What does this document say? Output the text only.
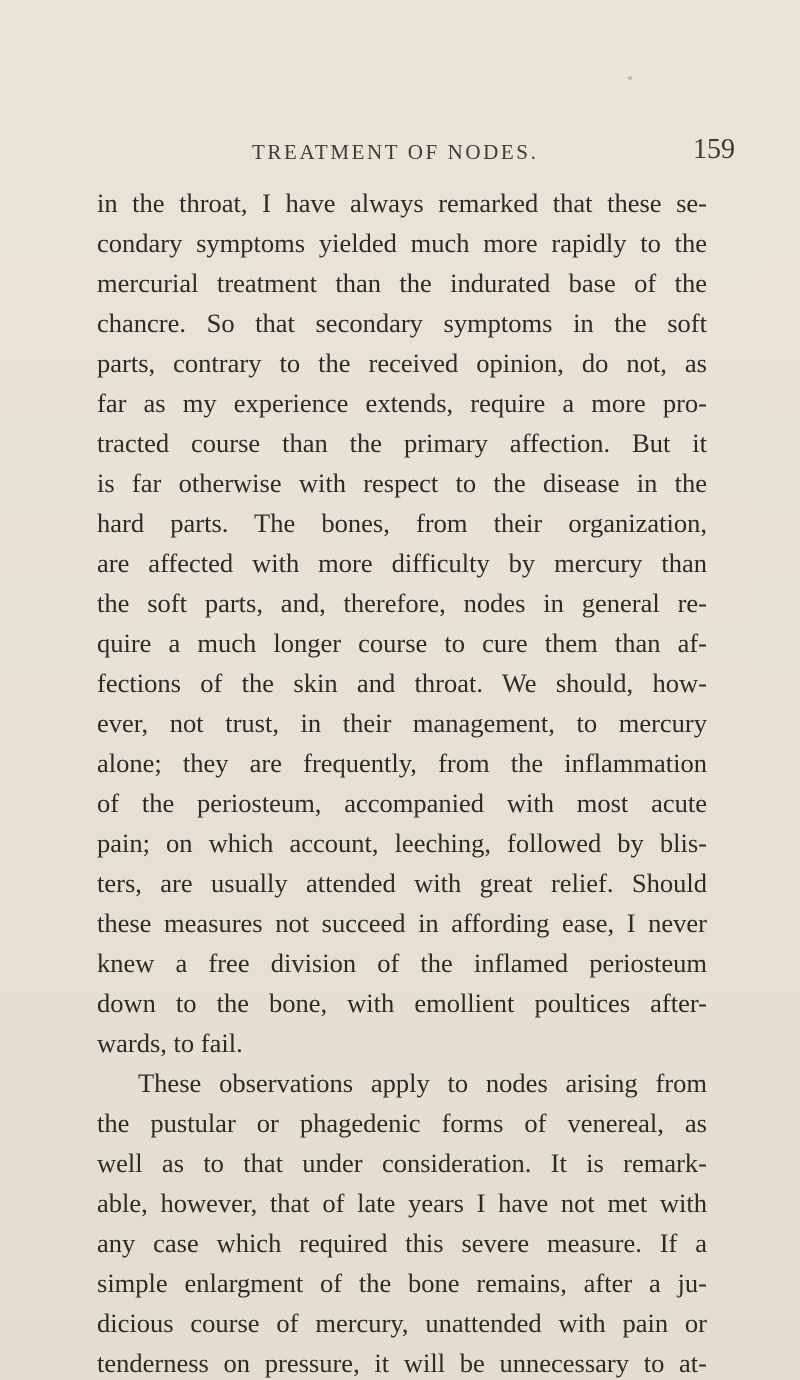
TREATMENT OF NODES.	159
in the throat, I have always remarked that these se-
condary symptoms yielded much more rapidly to the
mercurial treatment than the indurated base of the
chancre. So that secondary symptoms in the soft
parts, contrary to the received opinion, do not, as
far as my experience extends, require a more pro-
tracted course than the primary affection. But it
is far otherwise with respect to the disease in the
hard parts. The bones, from their organization,
are affected with more difficulty by mercury than
the soft parts, and, therefore, nodes in general re-
quire a much longer course to cure them than af-
fections of the skin and throat. We should, how-
ever, not trust, in their management, to mercury
alone; they are frequently, from the inflammation
of the periosteum, accompanied with most acute
pain; on which account, leeching, followed by blis-
ters, are usually attended with great relief. Should
these measures not succeed in affording ease, I never
knew a free division of the inflamed periosteum
down to the bone, with emollient poultices after-
wards, to fail.
These observations apply to nodes arising from
the pustular or phagedenic forms of venereal, as
well as to that under consideration. It is remark-
able, however, that of late years I have not met with
any case which required this severe measure. If a
simple enlargment of the bone remains, after a ju-
dicious course of mercury, unattended with pain or
tenderness on pressure, it will be unnecessary to at-
